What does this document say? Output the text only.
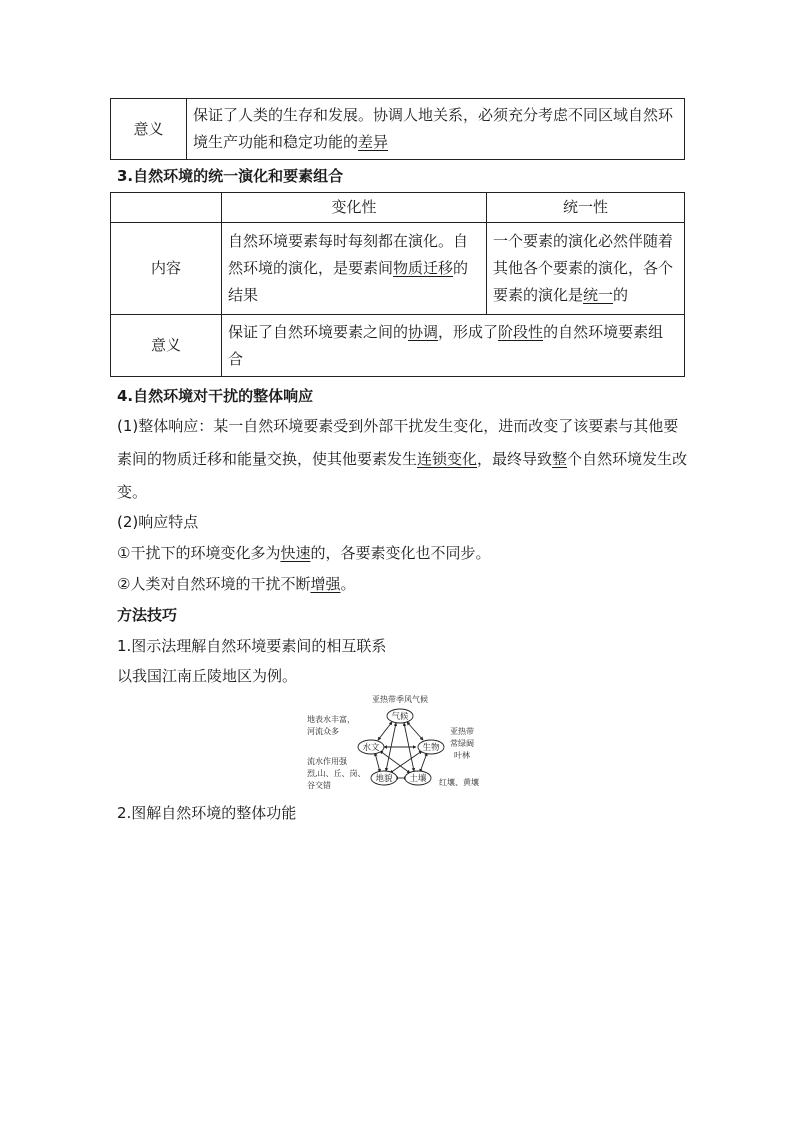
意义	保证了人类的生存和发展。协调人地关系，必须充分考虑不同区域自然环境生产功能和稳定功能的差异
3.自然环境的统一演化和要素组合
	变化性	统一性
内容	自然环境要素每时每刻都在演化。自然环境的演化，是要素间物质迁移的结果	一个要素的演化必然伴随着其他各个要素的演化，各个要素的演化是统一的
意义	保证了自然环境要素之间的协调，形成了阶段性的自然环境要素组合	
4.自然环境对干扰的整体响应
(1)整体响应：某一自然环境要素受到外部干扰发生变化，进而改变了该要素与其他要素间的物质迁移和能量交换，使其他要素发生连锁变化，最终导致整个自然环境发生改变。
(2)响应特点
①干扰下的环境变化多为快速的，各要素变化也不同步。
②人类对自然环境的干扰不断增强。
方法技巧
1.图示法理解自然环境要素间的相互联系
以我国江南丘陵地区为例。
气候
水文	生物
地貌 土壤
亚热带季风气候
地表水丰富，
河流众多	亚热带
常绿阔
叶林
流水作用强
烈,山、丘、岗、
谷交错	红壤、黄壤
2.图解自然环境的整体功能
